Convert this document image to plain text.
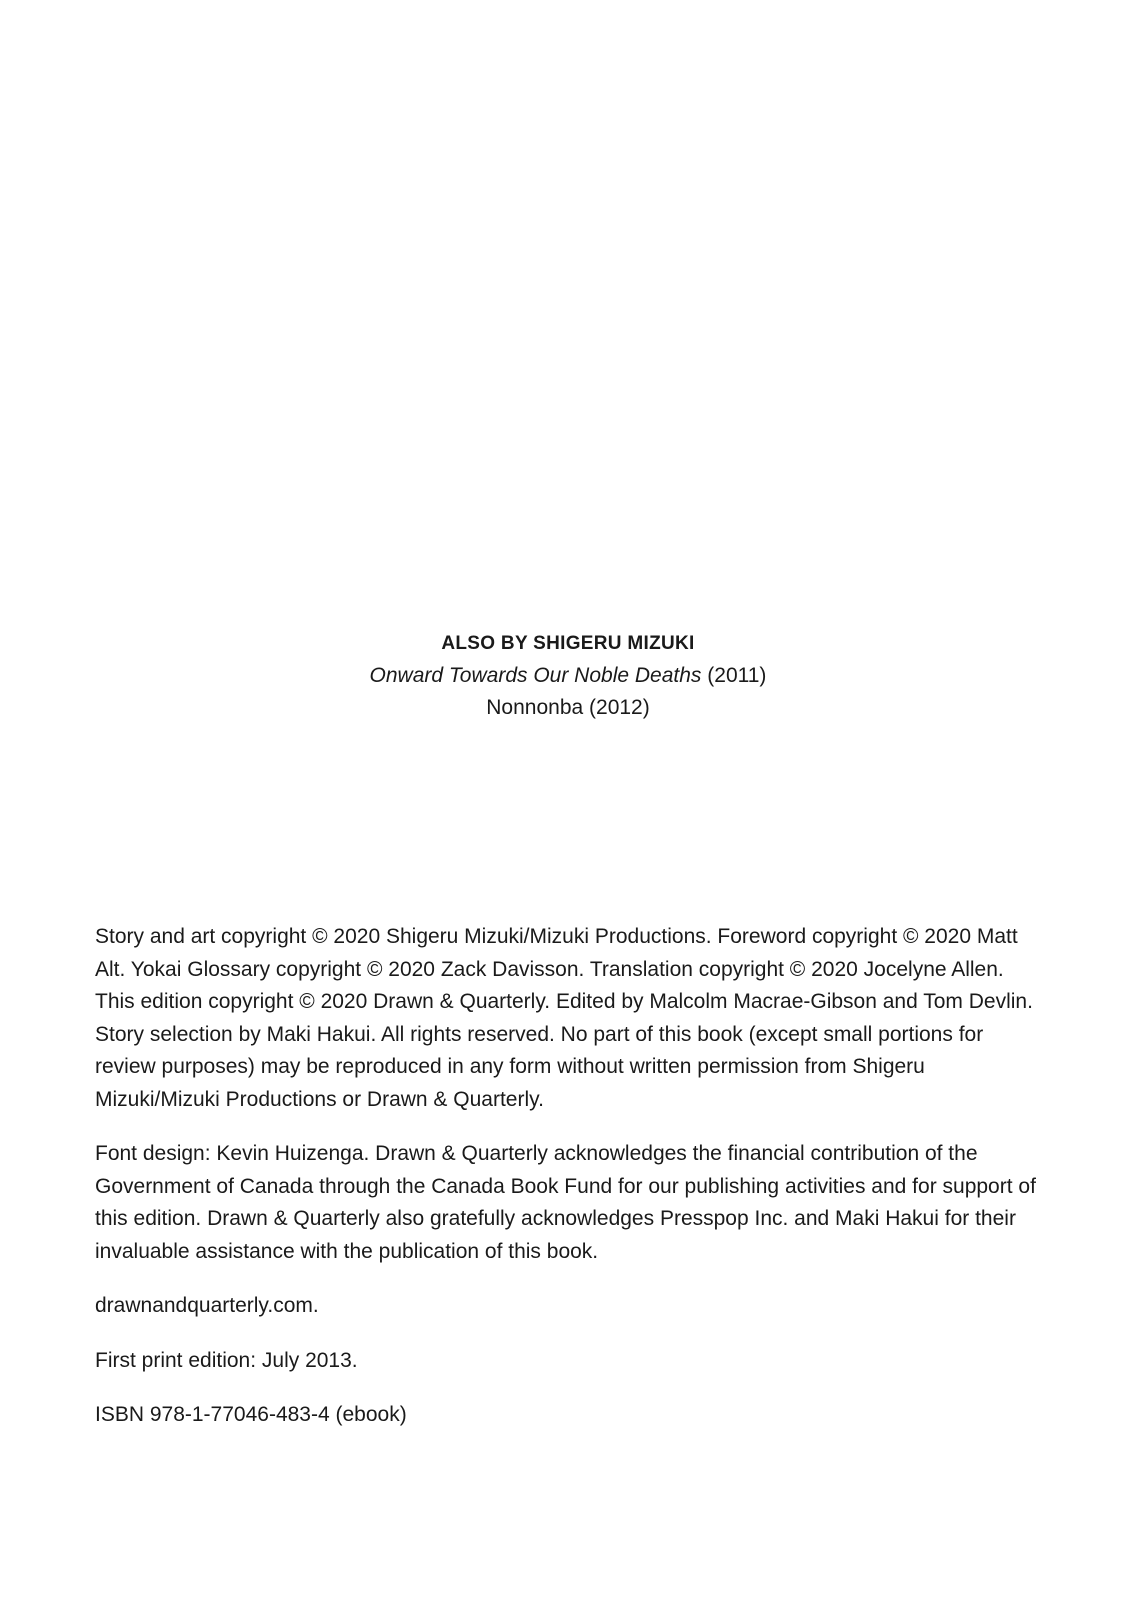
ALSO BY SHIGERU MIZUKI
Onward Towards Our Noble Deaths (2011)
Nonnonba (2012)

Story and art copyright © 2020 Shigeru Mizuki/Mizuki Productions. Foreword copyright © 2020 Matt Alt. Yokai Glossary copyright © 2020 Zack Davisson. Translation copyright © 2020 Jocelyne Allen. This edition copyright © 2020 Drawn & Quarterly. Edited by Malcolm Macrae-Gibson and Tom Devlin. Story selection by Maki Hakui. All rights reserved. No part of this book (except small portions for review purposes) may be reproduced in any form without written permission from Shigeru Mizuki/Mizuki Productions or Drawn & Quarterly.

Font design: Kevin Huizenga. Drawn & Quarterly acknowledges the financial contribution of the Government of Canada through the Canada Book Fund for our publishing activities and for support of this edition. Drawn & Quarterly also gratefully acknowledges Presspop Inc. and Maki Hakui for their invaluable assistance with the publication of this book.

drawnandquarterly.com.

First print edition: July 2013.

ISBN 978-1-77046-483-4 (ebook)
